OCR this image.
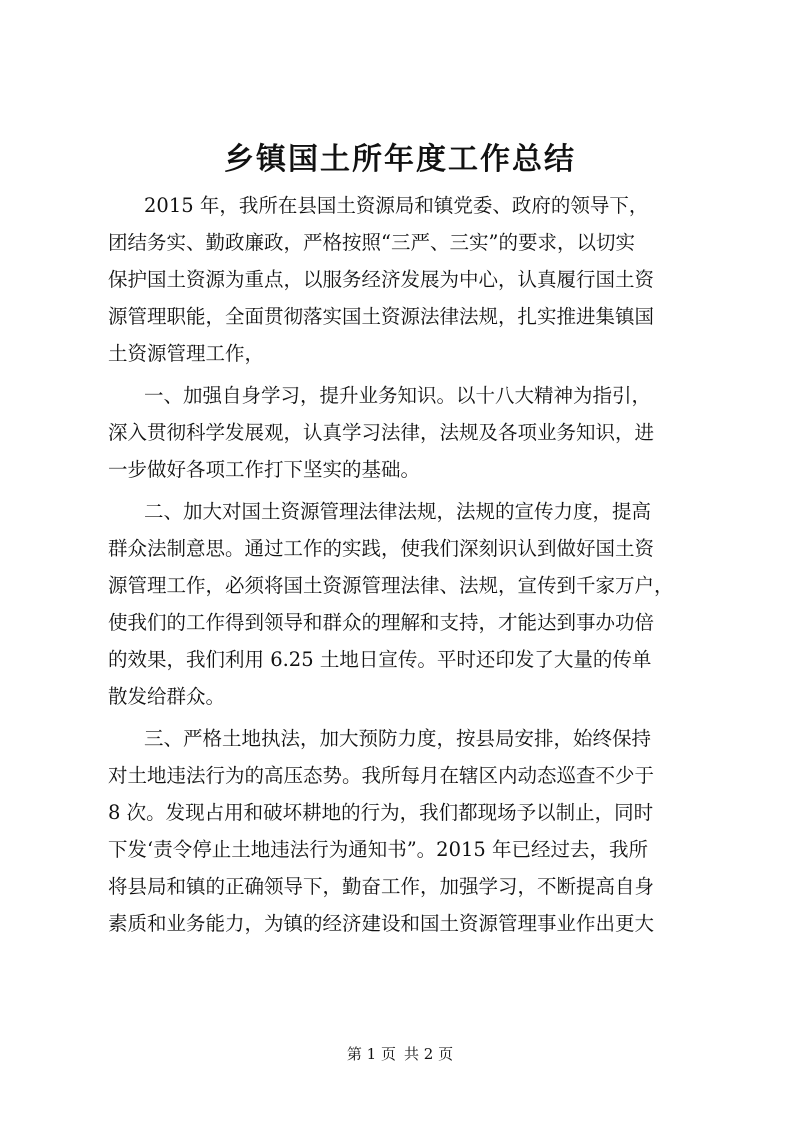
乡镇国土所年度工作总结

2015 年，我所在县国土资源局和镇党委、政府的领导下，

团结务实、勤政廉政，严格按照“三严、三实”的要求，以切实

保护国土资源为重点，以服务经济发展为中心，认真履行国土资

源管理职能，全面贯彻落实国土资源法律法规，扎实推进集镇国

土资源管理工作，

一、加强自身学习，提升业务知识。以十八大精神为指引，

深入贯彻科学发展观，认真学习法律，法规及各项业务知识，进

一步做好各项工作打下坚实的基础。

二、加大对国土资源管理法律法规，法规的宣传力度，提高

群众法制意思。通过工作的实践，使我们深刻识认到做好国土资

源管理工作，必须将国土资源管理法律、法规，宣传到千家万户，

使我们的工作得到领导和群众的理解和支持，才能达到事办功倍

的效果，我们利用 6.25 土地日宣传。平时还印发了大量的传单

散发给群众。

三、严格土地执法，加大预防力度，按县局安排，始终保持

对土地违法行为的高压态势。我所每月在辖区内动态巡查不少于

8 次。发现占用和破坏耕地的行为，我们都现场予以制止，同时

下发‘责令停止土地违法行为通知书”。2015 年已经过去，我所

将县局和镇的正确领导下，勤奋工作，加强学习，不断提高自身

素质和业务能力，为镇的经济建设和国土资源管理事业作出更大

第 1 页 共 2 页
